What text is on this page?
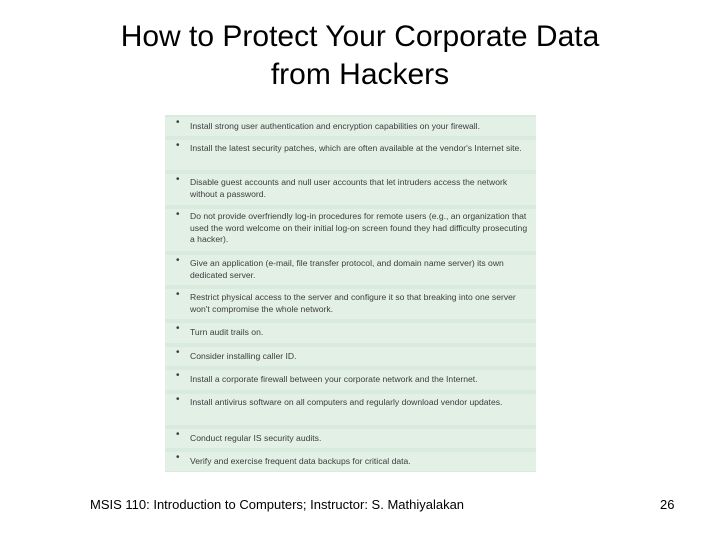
How to Protect Your Corporate Data
from Hackers
• Install strong user authentication and encryption capabilities on your firewall.
• Install the latest security patches, which are often available at the vendor's Internet site.
• Disable guest accounts and null user accounts that let intruders access the network without a password.
• Do not provide overfriendly log-in procedures for remote users (e.g., an organization that used the word welcome on their initial log-on screen found they had difficulty prosecuting a hacker).
• Give an application (e-mail, file transfer protocol, and domain name server) its own dedicated server.
• Restrict physical access to the server and configure it so that breaking into one server won't compromise the whole network.
• Turn audit trails on.
• Consider installing caller ID.
• Install a corporate firewall between your corporate network and the Internet.
• Install antivirus software on all computers and regularly download vendor updates.
• Conduct regular IS security audits.
• Verify and exercise frequent data backups for critical data.
MSIS 110: Introduction to Computers; Instructor: S. Mathiyalakan	26
